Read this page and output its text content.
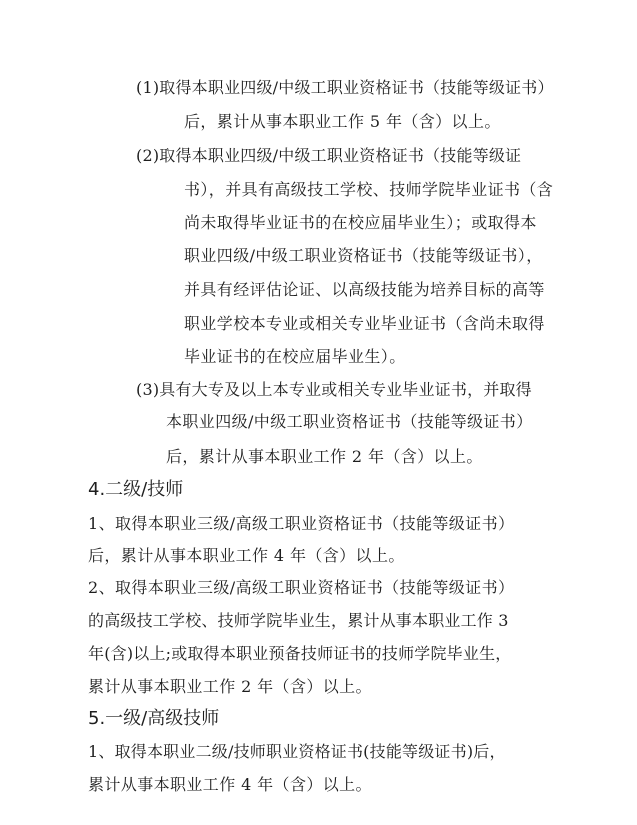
(1)取得本职业四级/中级工职业资格证书（技能等级证书）
后，累计从事本职业工作 5 年（含）以上。
(2)取得本职业四级/中级工职业资格证书（技能等级证
书），并具有高级技工学校、技师学院毕业证书（含
尚未取得毕业证书的在校应届毕业生）；或取得本
职业四级/中级工职业资格证书（技能等级证书），
并具有经评估论证、以高级技能为培养目标的高等
职业学校本专业或相关专业毕业证书（含尚未取得
毕业证书的在校应届毕业生）。
(3)具有大专及以上本专业或相关专业毕业证书，并取得
本职业四级/中级工职业资格证书（技能等级证书）
后，累计从事本职业工作 2 年（含）以上。
4.二级/技师
1、取得本职业三级/高级工职业资格证书（技能等级证书）
后，累计从事本职业工作 4 年（含）以上。
2、取得本职业三级/高级工职业资格证书（技能等级证书）
的高级技工学校、技师学院毕业生，累计从事本职业工作 3
年(含)以上;或取得本职业预备技师证书的技师学院毕业生，
累计从事本职业工作 2 年（含）以上。
5.一级/高级技师
1、取得本职业二级/技师职业资格证书(技能等级证书)后，
累计从事本职业工作 4 年（含）以上。
